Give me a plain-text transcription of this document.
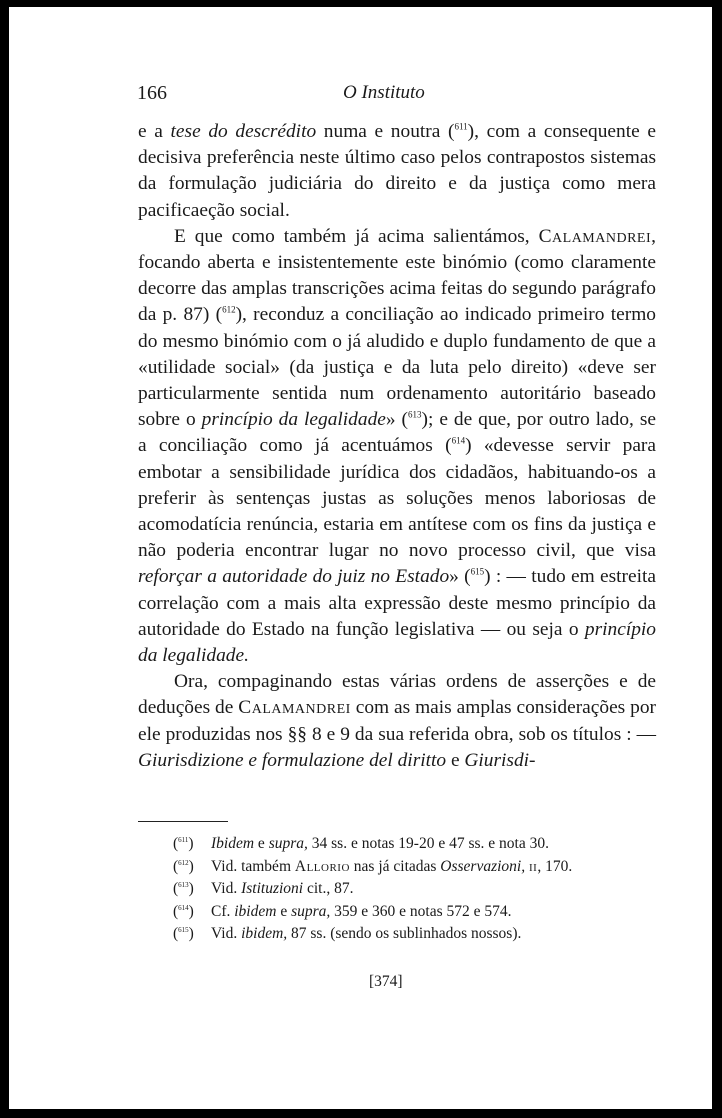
166	O Instituto

e a tese do descrédito numa e noutra ($^{611}$), com a consequente e decisiva preferência neste último caso pelos contrapostos sistemas da formulação judiciária do direito e da justiça como mera pacificaeção social.

E que como também já acima salientámos, Calamandrei, focando aberta e insistentemente este binómio (como claramente decorre das amplas transcrições acima feitas do segundo parágrafo da p. 87) ($^{612}$), reconduz a conciliação ao indicado primeiro termo do mesmo binómio com o já aludido e duplo fundamento de que a «utilidade social» (da justiça e da luta pelo direito) «deve ser particularmente sentida num ordenamento autoritário baseado sobre o princípio da legalidade» ($^{613}$); e de que, por outro lado, se a conciliação como já acentuámos ($^{614}$) «devesse servir para embotar a sensibilidade jurídica dos cidadãos, habituando-os a preferir às sentenças justas as soluções menos laboriosas de acomodatícia renúncia, estaria em antítese com os fins da justiça e não poderia encontrar lugar no novo processo civil, que visa reforçar a autoridade do juiz no Estado» ($^{615}$) : — tudo em estreita correlação com a mais alta expressão deste mesmo princípio da autoridade do Estado na função legislativa — ou seja o princípio da legalidade.

Ora, compaginando estas várias ordens de asserções e de deduções de Calamandrei com as mais amplas considerações por ele produzidas nos §§ 8 e 9 da sua referida obra, sob os títulos : — Giurisdizione e formulazione del diritto e Giurisdi-

($^{611}$) Ibidem e supra, 34 ss. e notas 19-20 e 47 ss. e nota 30.
($^{612}$) Vid. também Allorio nas já citadas Osservazioni, ii, 170.
($^{613}$) Vid. Istituzioni cit., 87.
($^{614}$) Cf. ibidem e supra, 359 e 360 e notas 572 e 574.
($^{615}$) Vid. ibidem, 87 ss. (sendo os sublinhados nossos).
[374]
